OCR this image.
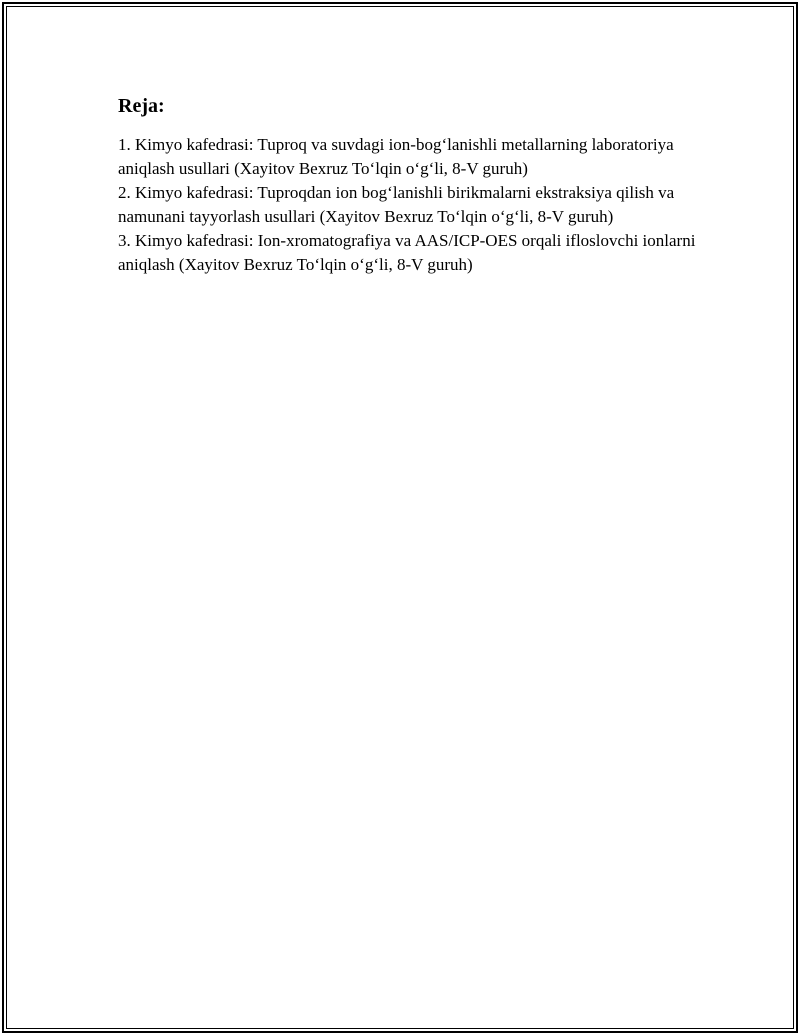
Reja:
1. Kimyo kafedrasi: Tuproq va suvdagi ion-bog‘lanishli metallarning laboratoriya aniqlash usullari (Xayitov Bexruz To‘lqin o‘g‘li, 8-V guruh)
2. Kimyo kafedrasi: Tuproqdan ion bog‘lanishli birikmalarni ekstraksiya qilish va namunani tayyorlash usullari (Xayitov Bexruz To‘lqin o‘g‘li, 8-V guruh)
3. Kimyo kafedrasi: Ion-xromatografiya va AAS/ICP-OES orqali ifloslovchi ionlarni aniqlash (Xayitov Bexruz To‘lqin o‘g‘li, 8-V guruh)
